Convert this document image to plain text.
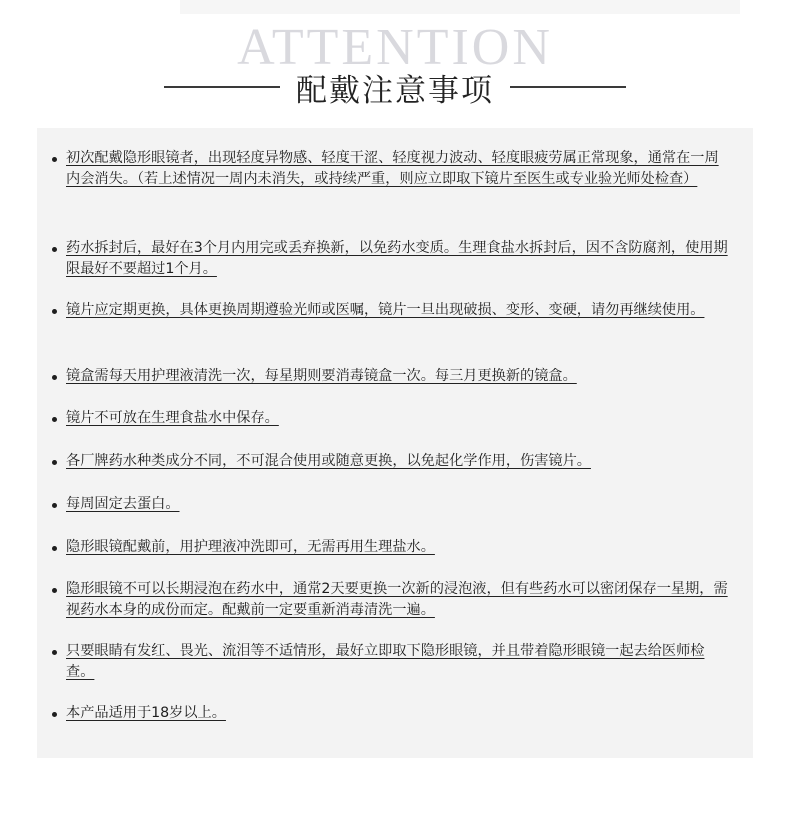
ATTENTION
配戴注意事项
初次配戴隐形眼镜者，出现轻度异物感、轻度干涩、轻度视力波动、轻度眼疲劳属正常现象，通常在一周内会消失。（若上述情况一周内未消失，或持续严重，则应立即取下镜片至医生或专业验光师处检查）
药水拆封后，最好在3个月内用完或丢弃换新，以免药水变质。生理食盐水拆封后，因不含防腐剂，使用期限最好不要超过1个月。
镜片应定期更换，具体更换周期遵验光师或医嘱，镜片一旦出现破损、变形、变硬，请勿再继续使用。
镜盒需每天用护理液清洗一次，每星期则要消毒镜盒一次。每三月更换新的镜盒。
镜片不可放在生理食盐水中保存。
各厂牌药水种类成分不同，不可混合使用或随意更换，以免起化学作用，伤害镜片。
每周固定去蛋白。
隐形眼镜配戴前，用护理液冲洗即可，无需再用生理盐水。
隐形眼镜不可以长期浸泡在药水中，通常2天要更换一次新的浸泡液，但有些药水可以密闭保存一星期，需视药水本身的成份而定。配戴前一定要重新消毒清洗一遍。
只要眼睛有发红、畏光、流泪等不适情形，最好立即取下隐形眼镜，并且带着隐形眼镜一起去给医师检查。
本产品适用于18岁以上。
